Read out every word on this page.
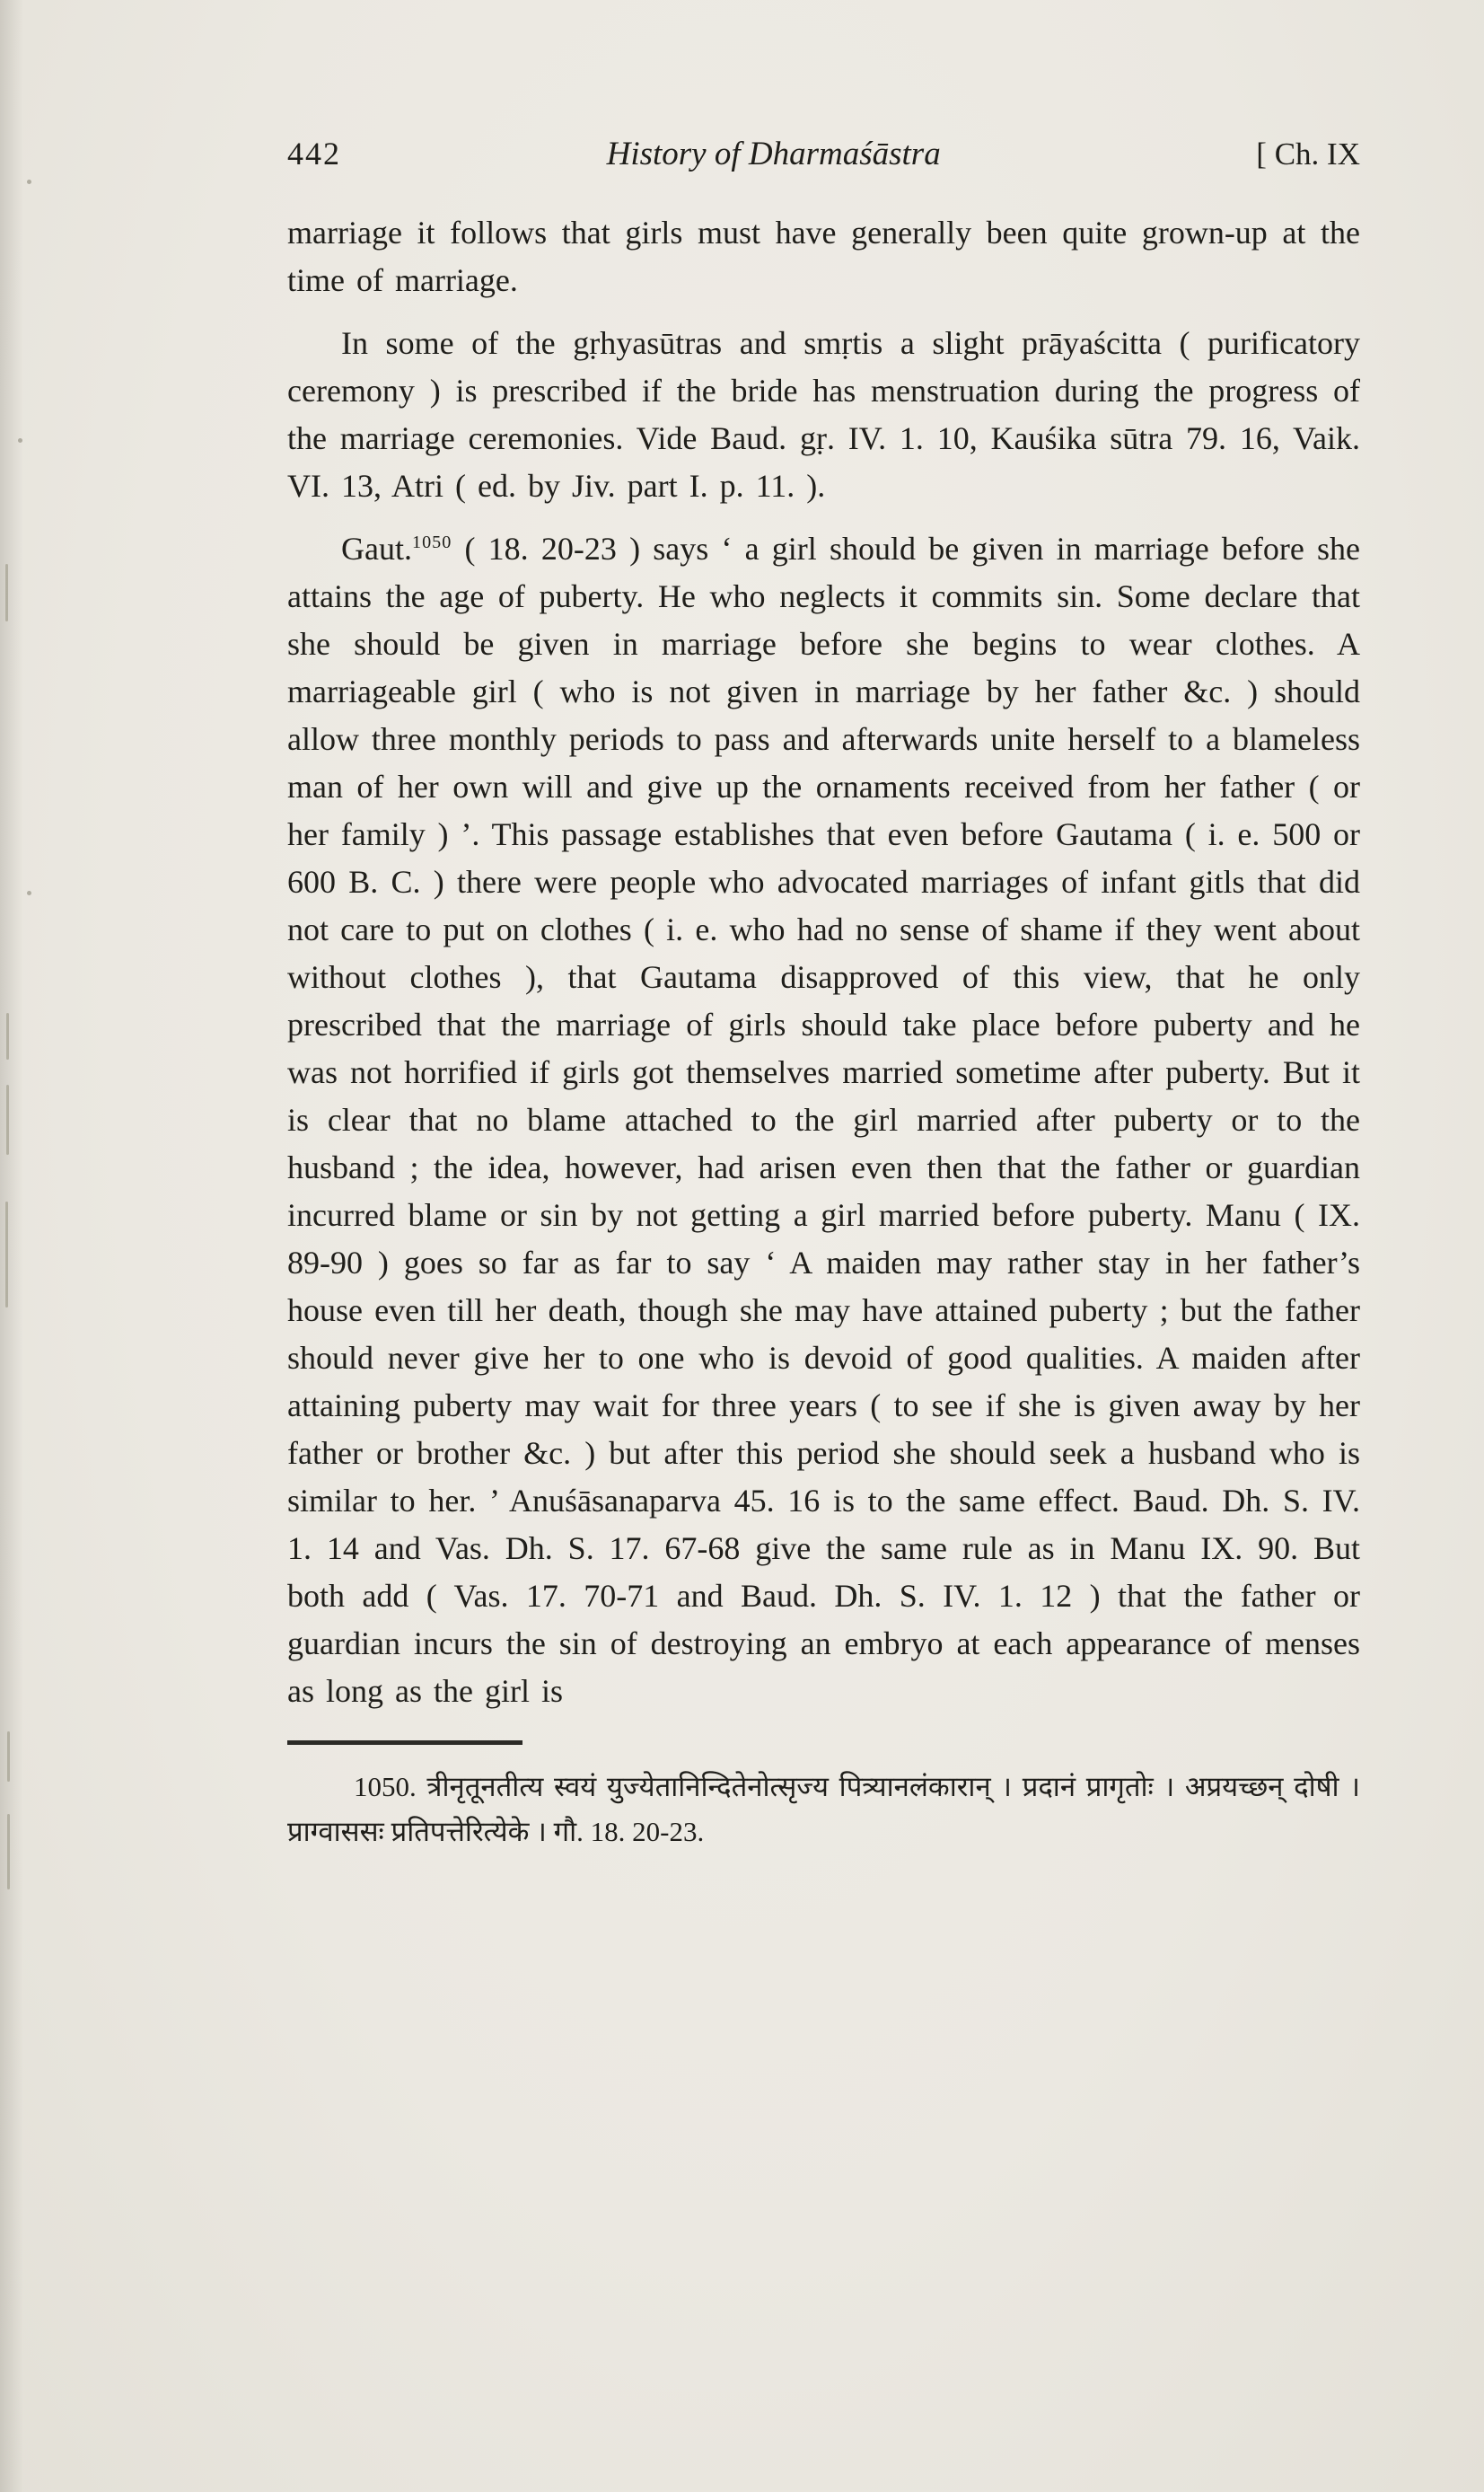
442	History of Dharmaśāstra	[ Ch. IX

marriage it follows that girls must have generally been quite grown-up at the time of marriage.

In some of the gṛhyasūtras and smṛtis a slight prāyaścitta ( purificatory ceremony ) is prescribed if the bride has menstruation during the progress of the marriage ceremonies. Vide Baud. gṛ. IV. 1. 10, Kauśika sūtra 79. 16, Vaik. VI. 13, Atri ( ed. by Jiv. part I. p. 11. ).

Gaut.$^{1050}$ ( 18. 20-23 ) says ‘ a girl should be given in marriage before she attains the age of puberty. He who neglects it commits sin. Some declare that she should be given in marriage before she begins to wear clothes. A marriageable girl ( who is not given in marriage by her father &c. ) should allow three monthly periods to pass and afterwards unite herself to a blameless man of her own will and give up the ornaments received from her father ( or her family ) ’. This passage establishes that even before Gautama ( i. e. 500 or 600 B. C. ) there were people who advocated marriages of infant gitls that did not care to put on clothes ( i. e. who had no sense of shame if they went about without clothes ), that Gautama disapproved of this view, that he only prescribed that the marriage of girls should take place before puberty and he was not horrified if girls got themselves married sometime after puberty. But it is clear that no blame attached to the girl married after puberty or to the husband ; the idea, however, had arisen even then that the father or guardian incurred blame or sin by not getting a girl married before puberty. Manu ( IX. 89-90 ) goes so far as far to say ‘ A maiden may rather stay in her father’s house even till her death, though she may have attained puberty ; but the father should never give her to one who is devoid of good qualities. A maiden after attaining puberty may wait for three years ( to see if she is given away by her father or brother &c. ) but after this period she should seek a husband who is similar to her. ’ Anuśāsanaparva 45. 16 is to the same effect. Baud. Dh. S. IV. 1. 14 and Vas. Dh. S. 17. 67-68 give the same rule as in Manu IX. 90. But both add ( Vas. 17. 70-71 and Baud. Dh. S. IV. 1. 12 ) that the father or guardian incurs the sin of destroying an embryo at each appearance of menses as long as the girl is

1050. त्रीनृतूनतीत्य स्वयं युज्येतानिन्दितेनोत्सृज्य पित्र्यानलंकारान् । प्रदानं प्रागृतोः । अप्रयच्छन् दोषी । प्राग्वाससः प्रतिपत्तेरित्येके । गौ. 18. 20-23.
